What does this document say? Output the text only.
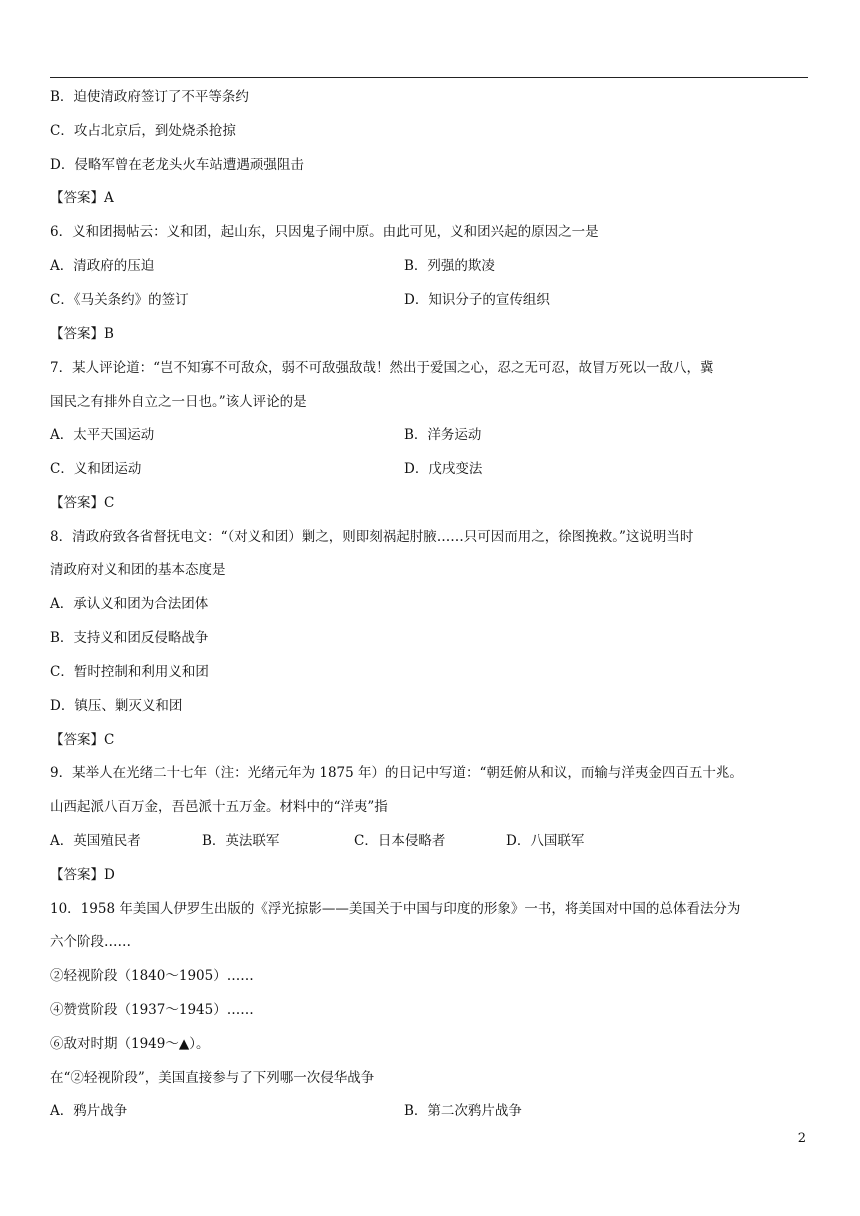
B．迫使清政府签订了不平等条约
C．攻占北京后，到处烧杀抢掠
D．侵略军曾在老龙头火车站遭遇顽强阻击
【答案】A
6．义和团揭帖云：义和团，起山东，只因鬼子闹中原。由此可见，义和团兴起的原因之一是
A．清政府的压迫	B．列强的欺凌
C．《马关条约》的签订	D．知识分子的宣传组织
【答案】B
7．某人评论道：“岂不知寡不可敌众，弱不可敌强敌哉！然出于爱国之心，忍之无可忍，故冒万死以一敌八，冀
国民之有排外自立之一日也。”该人评论的是
A．太平天国运动	B．洋务运动
C．义和团运动	D．戊戌变法
【答案】C
8．清政府致各省督抚电文：“（对义和团）剿之，则即刻祸起肘腋……只可因而用之，徐图挽救。”这说明当时
清政府对义和团的基本态度是
A．承认义和团为合法团体
B．支持义和团反侵略战争
C．暂时控制和利用义和团
D．镇压、剿灭义和团
【答案】C
9．某举人在光绪二十七年（注：光绪元年为 1875 年）的日记中写道：“朝廷俯从和议，而输与洋夷金四百五十兆。
山西起派八百万金，吾邑派十五万金。材料中的“洋夷”指
A．英国殖民者	B．英法联军	C．日本侵略者	D．八国联军
【答案】D
10．1958 年美国人伊罗生出版的《浮光掠影——美国关于中国与印度的形象》一书，将美国对中国的总体看法分为
六个阶段……
②轻视阶段（1840～1905）……
④赞赏阶段（1937～1945）……
⑥敌对时期（1949～▲）。
在“②轻视阶段”，美国直接参与了下列哪一次侵华战争
A．鸦片战争	B．第二次鸦片战争
2
